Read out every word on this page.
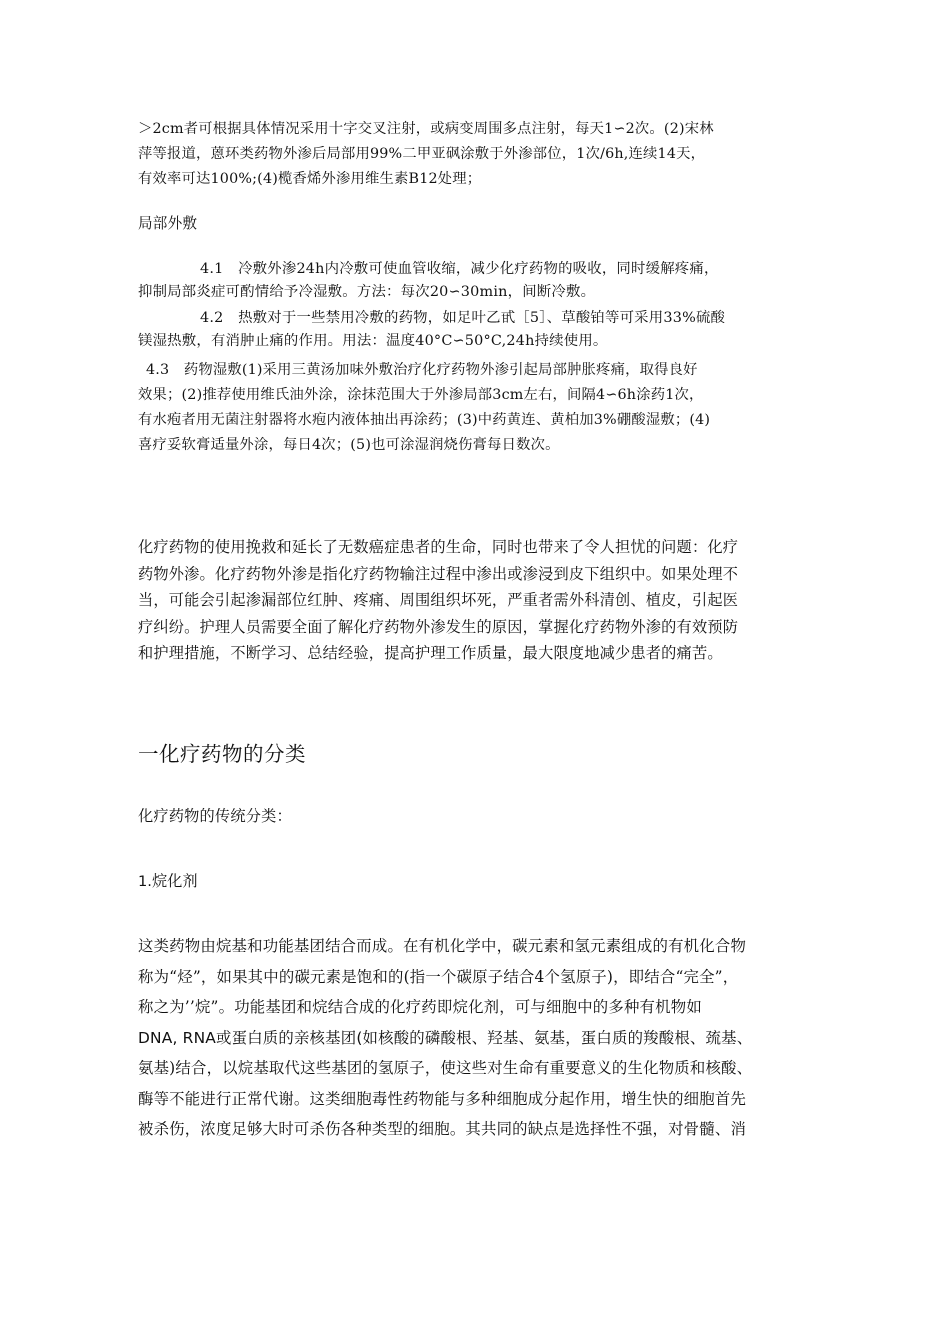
＞2cm者可根据具体情况采用十字交叉注射，或病变周围多点注射，每天1∽2次。(2)宋林
萍等报道，蒽环类药物外渗后局部用99%二甲亚砜涂敷于外渗部位，1次/6h,连续14天，
有效率可达100%;(4)榄香烯外渗用维生素B12处理；

局部外敷

4.1　冷敷外渗24h内冷敷可使血管收缩，减少化疗药物的吸收，同时缓解疼痛，
抑制局部炎症可酌情给予冷湿敷。方法：每次20∽30min，间断冷敷。

4.2　热敷对于一些禁用冷敷的药物，如足叶乙甙［5］、草酸铂等可采用33%硫酸
镁湿热敷，有消肿止痛的作用。用法：温度40°C∽50°C,24h持续使用。

4.3　药物湿敷(1)采用三黄汤加味外敷治疗化疗药物外渗引起局部肿胀疼痛，取得良好
效果；(2)推荐使用维氏油外涂，涂抹范围大于外渗局部3cm左右，间隔4∽6h涂药1次，
有水疱者用无菌注射器将水疱内液体抽出再涂药；(3)中药黄连、黄柏加3%硼酸湿敷；(4)
喜疗妥软膏适量外涂，每日4次；(5)也可涂湿润烧伤膏每日数次。

化疗药物的使用挽救和延长了无数癌症患者的生命，同时也带来了令人担忧的问题：化疗
药物外渗。化疗药物外渗是指化疗药物输注过程中渗出或渗浸到皮下组织中。如果处理不
当，可能会引起渗漏部位红肿、疼痛、周围组织坏死，严重者需外科清创、植皮，引起医
疗纠纷。护理人员需要全面了解化疗药物外渗发生的原因，掌握化疗药物外渗的有效预防
和护理措施，不断学习、总结经验，提高护理工作质量，最大限度地减少患者的痛苦。

一化疗药物的分类

化疗药物的传统分类：

1.烷化剂

这类药物由烷基和功能基团结合而成。在有机化学中，碳元素和氢元素组成的有机化合物
称为“烃”，如果其中的碳元素是饱和的(指一个碳原子结合4个氢原子)，即结合“完全”，
称之为’’烷”。功能基团和烷结合成的化疗药即烷化剂，可与细胞中的多种有机物如
DNA, RNA或蛋白质的亲核基团(如核酸的磷酸根、羟基、氨基，蛋白质的羧酸根、巯基、
氨基)结合，以烷基取代这些基团的氢原子，使这些对生命有重要意义的生化物质和核酸、
酶等不能进行正常代谢。这类细胞毒性药物能与多种细胞成分起作用，增生快的细胞首先
被杀伤，浓度足够大时可杀伤各种类型的细胞。其共同的缺点是选择性不强，对骨髓、消
